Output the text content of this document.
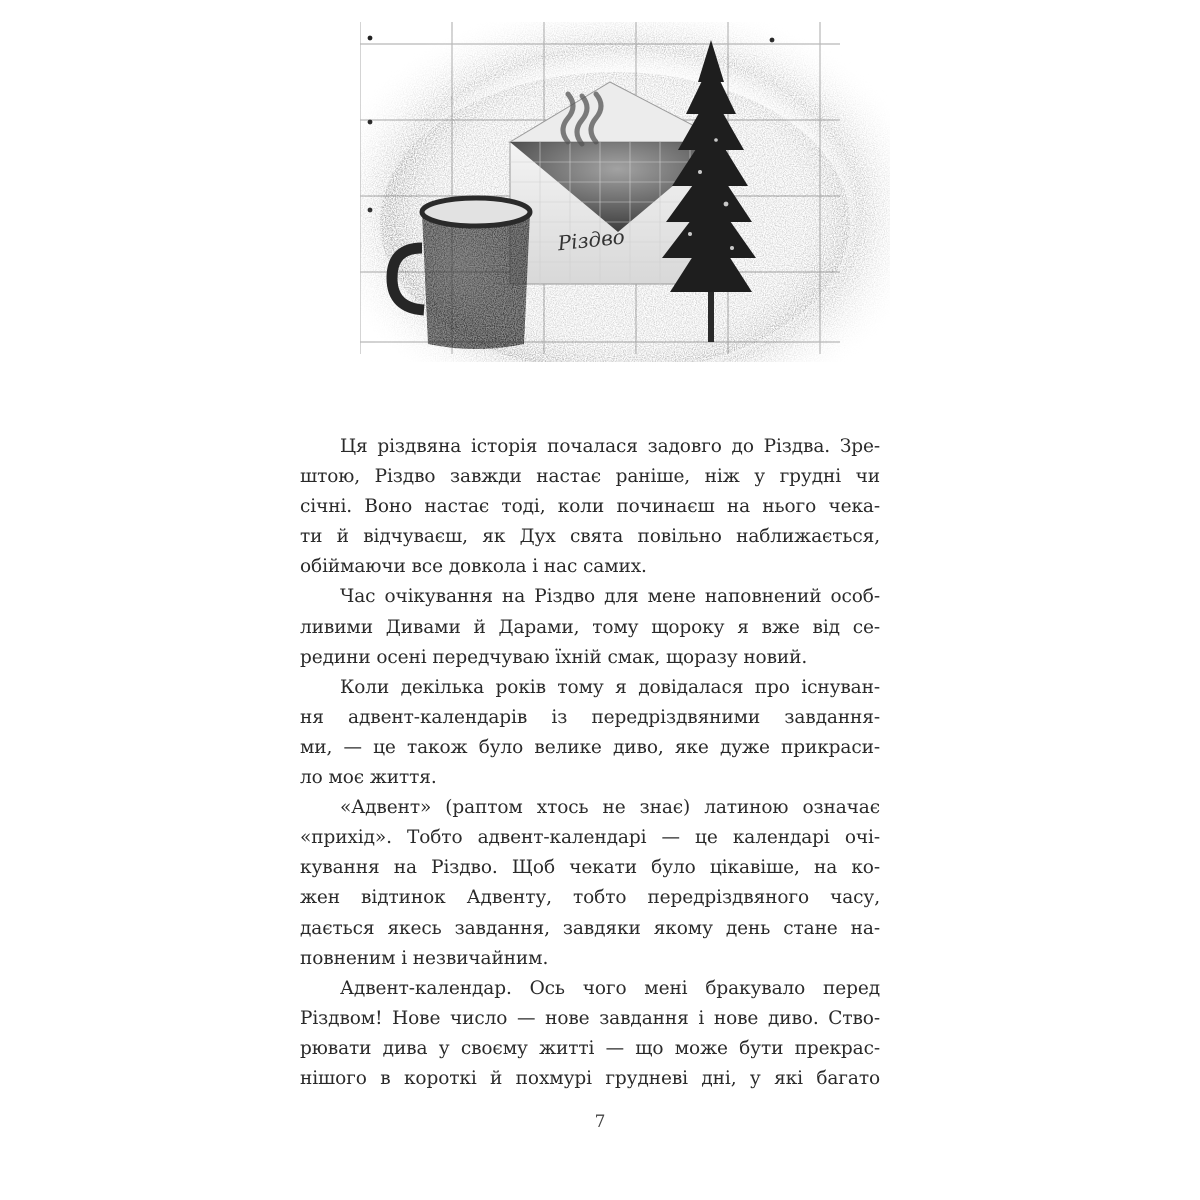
Різдво

Ця різдвяна історія почалася задовго до Різдва. Зре-
штою, Різдво завжди настає раніше, ніж у грудні чи
січні. Воно настає тоді, коли починаєш на нього чека-
ти й відчуваєш, як Дух свята повільно наближається,
обіймаючи все довкола і нас самих.

Час очікування на Різдво для мене наповнений особ-
ливими Дивами й Дарами, тому щороку я вже від се-
редини осені передчуваю їхній смак, щоразу новий.

Коли декілька років тому я довідалася про існуван-
ня адвент-календарів із передріздвяними завдання-
ми, — це також було велике диво, яке дуже прикраси-
ло моє життя.

«Адвент» (раптом хтось не знає) латиною означає
«прихід». Тобто адвент-календарі — це календарі очі-
кування на Різдво. Щоб чекати було цікавіше, на ко-
жен відтинок Адвенту, тобто передріздвяного часу,
дається якесь завдання, завдяки якому день стане на-
повненим і незвичайним.

Адвент-календар. Ось чого мені бракувало перед
Різдвом! Нове число — нове завдання і нове диво. Ство-
рювати дива у своєму житті — що може бути прекрас-
нішого в короткі й похмурі грудневі дні, у які багато

7
